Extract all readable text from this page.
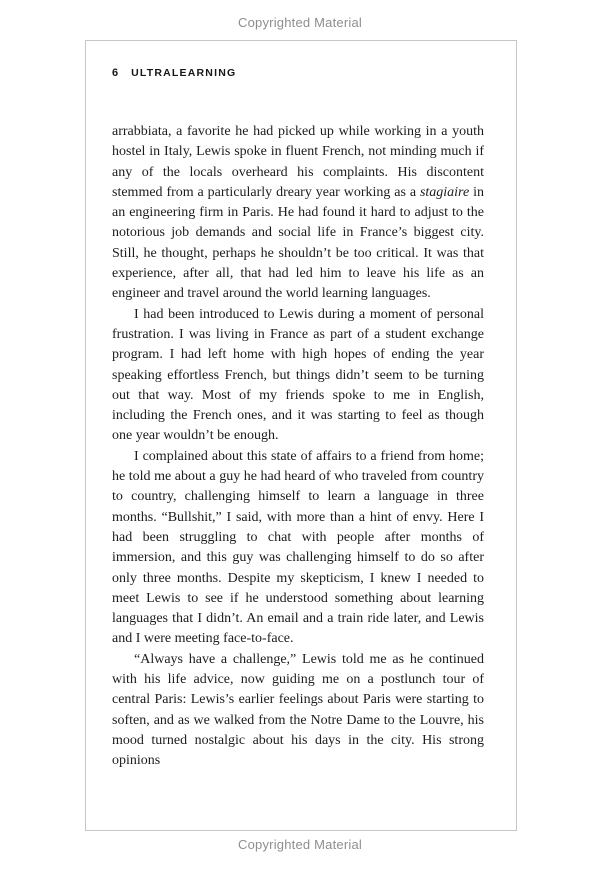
Copyrighted Material
6 ULTRALEARNING

arrabbiata, a favorite he had picked up while working in a youth hostel in Italy, Lewis spoke in fluent French, not minding much if any of the locals overheard his complaints. His discontent stemmed from a particularly dreary year working as a stagiaire in an engineering firm in Paris. He had found it hard to adjust to the notorious job demands and social life in France’s biggest city. Still, he thought, perhaps he shouldn’t be too critical. It was that experience, after all, that had led him to leave his life as an engineer and travel around the world learning languages.

I had been introduced to Lewis during a moment of personal frustration. I was living in France as part of a student exchange program. I had left home with high hopes of ending the year speaking effortless French, but things didn’t seem to be turning out that way. Most of my friends spoke to me in English, including the French ones, and it was starting to feel as though one year wouldn’t be enough.

I complained about this state of affairs to a friend from home; he told me about a guy he had heard of who traveled from country to country, challenging himself to learn a language in three months. “Bullshit,” I said, with more than a hint of envy. Here I had been struggling to chat with people after months of immersion, and this guy was challenging himself to do so after only three months. Despite my skepticism, I knew I needed to meet Lewis to see if he understood something about learning languages that I didn’t. An email and a train ride later, and Lewis and I were meeting face-to-face.

“Always have a challenge,” Lewis told me as he continued with his life advice, now guiding me on a postlunch tour of central Paris: Lewis’s earlier feelings about Paris were starting to soften, and as we walked from the Notre Dame to the Louvre, his mood turned nostalgic about his days in the city. His strong opinions

Copyrighted Material
